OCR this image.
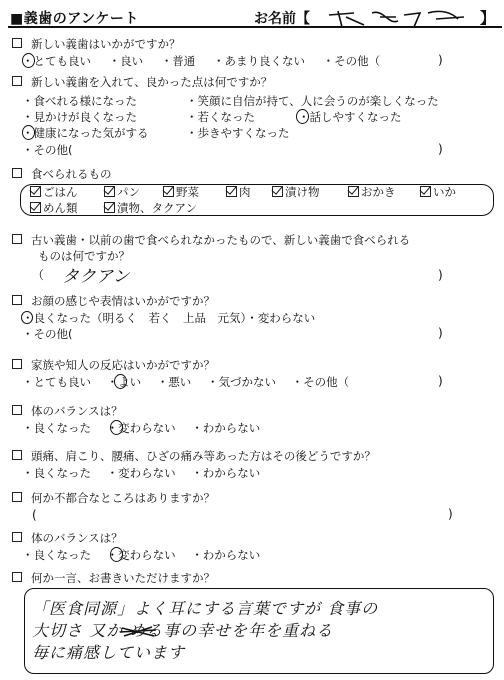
■義歯のアンケート	お名前【	】
新しい義歯はいかがですか？
・とても良い ・良い ・普通 ・あまり良くない ・その他（	)
新しい義歯を入れて、良かった点は何ですか？
・食べれる様になった	・笑顔に自信が持て、人に会うのが楽しくなった
・見かけが良くなった	・若くなった	・話しやすくなった
・健康になった気がする	・歩きやすくなった
・その他(	)
食べられるもの
ごはん	パン	野菜	肉	漬け物	おかき	いか
めん類	漬物、タクアン
古い義歯・以前の歯で食べられなかったもので、新しい義歯で食べられる
ものは何ですか？
（ タクアン	)
お顔の感じや表情はいかがですか？
・良くなった（明るく　若く　上品　元気）・変わらない
・その他(	)
家族や知人の反応はいかがですか？
・とても良い ・よい ・悪い ・気づかない ・その他（	)
体のバランスは？
・良くなった ・変わらない ・わからない
頭痛、肩こり、腰痛、ひざの痛み等あった方はその後どうですか？
・良くなった ・変わらない ・わからない
何か不都合なところはありますか？
(	)
体のバランスは？
・良くなった ・変わらない ・わからない
何か一言、お書きいただけますか？
「医食同源」よく耳にする言葉ですが 食事の
大切さ 又か める事の幸せを年を重ねる
毎に痛感しています
